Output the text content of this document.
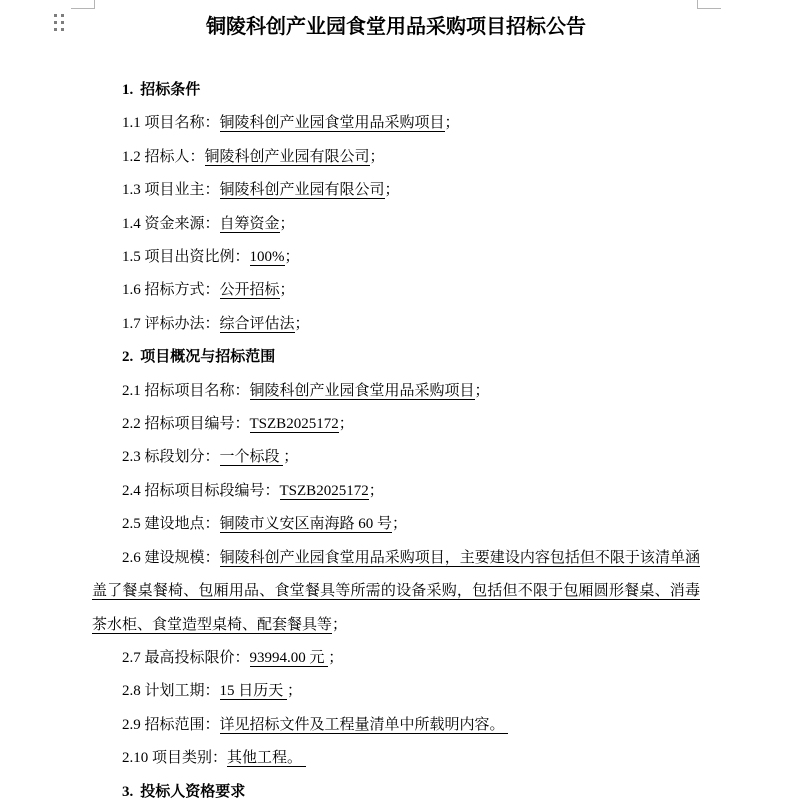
铜陵科创产业园食堂用品采购项目招标公告

1. 招标条件

1.1 项目名称：铜陵科创产业园食堂用品采购项目；

1.2 招标人：铜陵科创产业园有限公司；

1.3 项目业主：铜陵科创产业园有限公司；

1.4 资金来源：自筹资金；

1.5 项目出资比例：100%；

1.6 招标方式：公开招标；

1.7 评标办法：综合评估法；

2. 项目概况与招标范围

2.1 招标项目名称：铜陵科创产业园食堂用品采购项目；

2.2 招标项目编号：TSZB2025172；

2.3 标段划分：一个标段 ；

2.4 招标项目标段编号：TSZB2025172；

2.5 建设地点：铜陵市义安区南海路 60 号；

2.6 建设规模：铜陵科创产业园食堂用品采购项目，主要建设内容包括但不限于该清单涵盖了餐桌餐椅、包厢用品、食堂餐具等所需的设备采购，包括但不限于包厢圆形餐桌、消毒茶水柜、食堂造型桌椅、配套餐具等；

2.7 最高投标限价：93994.00 元 ；

2.8 计划工期：15 日历天 ；

2.9 招标范围：详见招标文件及工程量清单中所载明内容。

2.10 项目类别：其他工程。

3. 投标人资格要求
